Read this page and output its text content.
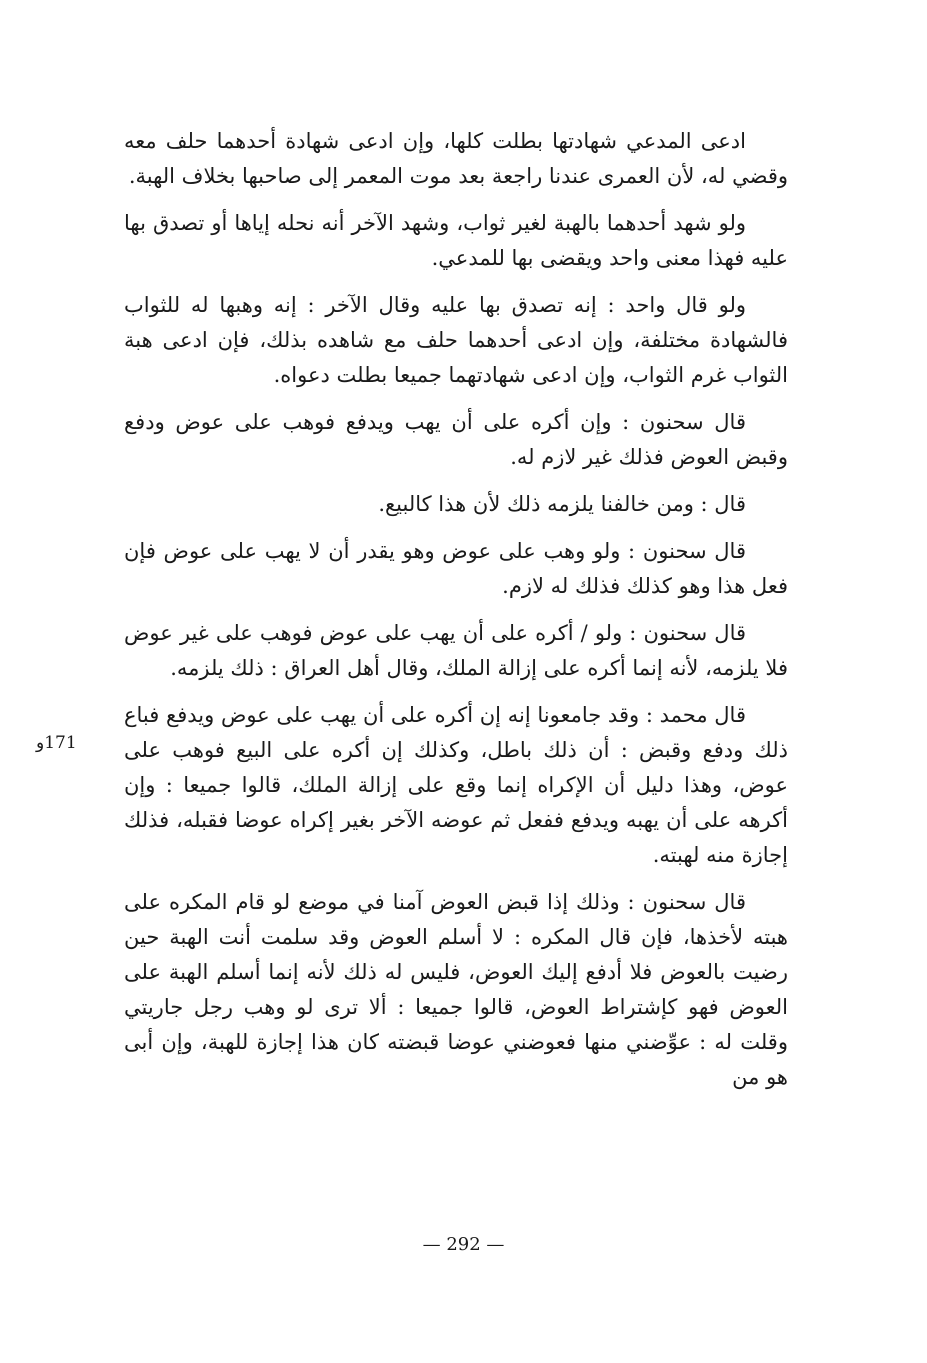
ادعى المدعي شهادتها بطلت كلها، وإن ادعى شهادة أحدهما حلف معه وقضي له، لأن العمرى عندنا راجعة بعد موت المعمر إلى صاحبها بخلاف الهبة.

ولو شهد أحدهما بالهبة لغير ثواب، وشهد الآخر أنه نحله إياها أو تصدق بها عليه فهذا معنى واحد ويقضى بها للمدعي.

ولو قال واحد : إنه تصدق بها عليه وقال الآخر : إنه وهبها له للثواب فالشهادة مختلفة، وإن ادعى أحدهما حلف مع شاهده بذلك، فإن ادعى هبة الثواب غرم الثواب، وإن ادعى شهادتهما جميعا بطلت دعواه.

قال سحنون : وإن أكره على أن يهب ويدفع فوهب على عوض ودفع وقبض العوض فذلك غير لازم له.

قال : ومن خالفنا يلزمه ذلك لأن هذا كالبيع.

قال سحنون : ولو وهب على عوض وهو يقدر أن لا يهب على عوض فإن فعل هذا وهو كذلك فذلك له لازم.

قال سحنون : ولو / أكره على أن يهب على عوض فوهب على غير عوض فلا يلزمه، لأنه إنما أكره على إزالة الملك، وقال أهل العراق : ذلك يلزمه.

قال محمد : وقد جامعونا إنه إن أكره على أن يهب على عوض ويدفع فباع ذلك ودفع وقبض : أن ذلك باطل، وكذلك إن أكره على البيع فوهب على عوض، وهذا دليل أن الإكراه إنما وقع على إزالة الملك، قالوا جميعا : وإن أكرهه على أن يهبه ويدفع ففعل ثم عوضه الآخر بغير إكراه عوضا فقبله، فذلك إجازة منه لهبته.

قال سحنون : وذلك إذا قبض العوض آمنا في موضع لو قام المكره على هبته لأخذها، فإن قال المكره : لا أسلم العوض وقد سلمت أنت الهبة حين رضيت بالعوض فلا أدفع إليك العوض، فليس له ذلك لأنه إنما أسلم الهبة على العوض فهو كإشتراط العوض، قالوا جميعا : ألا ترى لو وهب رجل جاريتي وقلت له : عوِّضني منها فعوضني عوضا قبضته كان هذا إجازة للهبة، وإن أبى هو من

171و
— 292 —
